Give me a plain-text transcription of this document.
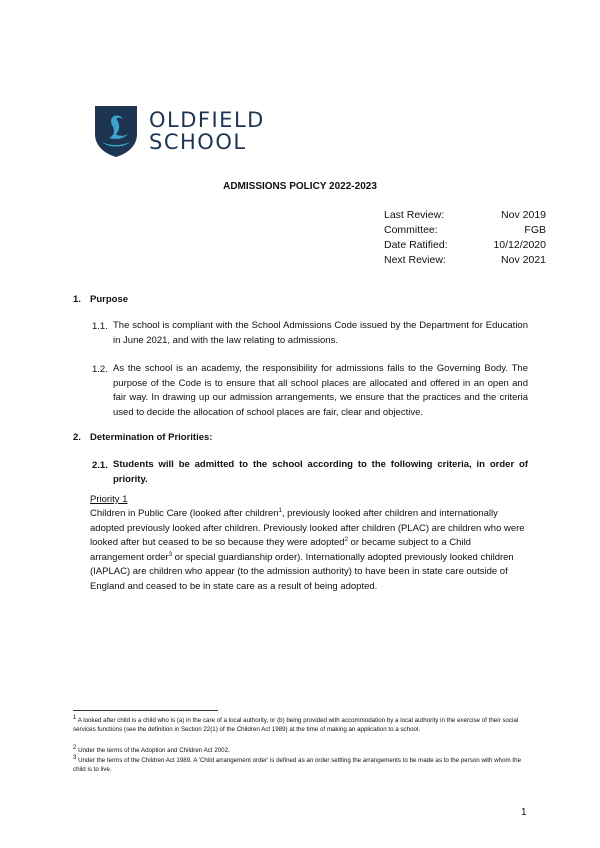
OLDFIELD
SCHOOL
ADMISSIONS POLICY 2022-2023
Last Review:	Nov 2019
Committee:	FGB
Date Ratified:	10/12/2020
Next Review:	Nov 2021
1. Purpose
1.1. The school is compliant with the School Admissions Code issued by the Department for Education in June 2021, and with the law relating to admissions.
1.2. As the school is an academy, the responsibility for admissions falls to the Governing Body. The purpose of the Code is to ensure that all school places are allocated and offered in an open and fair way. In drawing up our admission arrangements, we ensure that the practices and the criteria used to decide the allocation of school places are fair, clear and objective.
2. Determination of Priorities:
2.1. Students will be admitted to the school according to the following criteria, in order of priority.
Priority 1
Children in Public Care (looked after children$^1$, previously looked after children and internationally adopted previously looked after children. Previously looked after children (PLAC) are children who were looked after but ceased to be so because they were adopted$^2$ or became subject to a Child arrangement order$^3$ or special guardianship order). Internationally adopted previously looked children (IAPLAC) are children who appear (to the admission authority) to have been in state care outside of England and ceased to be in state care as a result of being adopted.
$^1$ A looked after child is a child who is (a) in the care of a local authority, or (b) being provided with accommodation by a local authority in the exercise of their social services functions (see the definition in Section 22(1) of the Children Act 1989) at the time of making an application to a school.
$^2$ Under the terms of the Adoption and Children Act 2002.
$^3$ Under the terms of the Children Act 1989. A 'Child arrangement order' is defined as an order settling the arrangements to be made as to the person with whom the child is to live.
1
